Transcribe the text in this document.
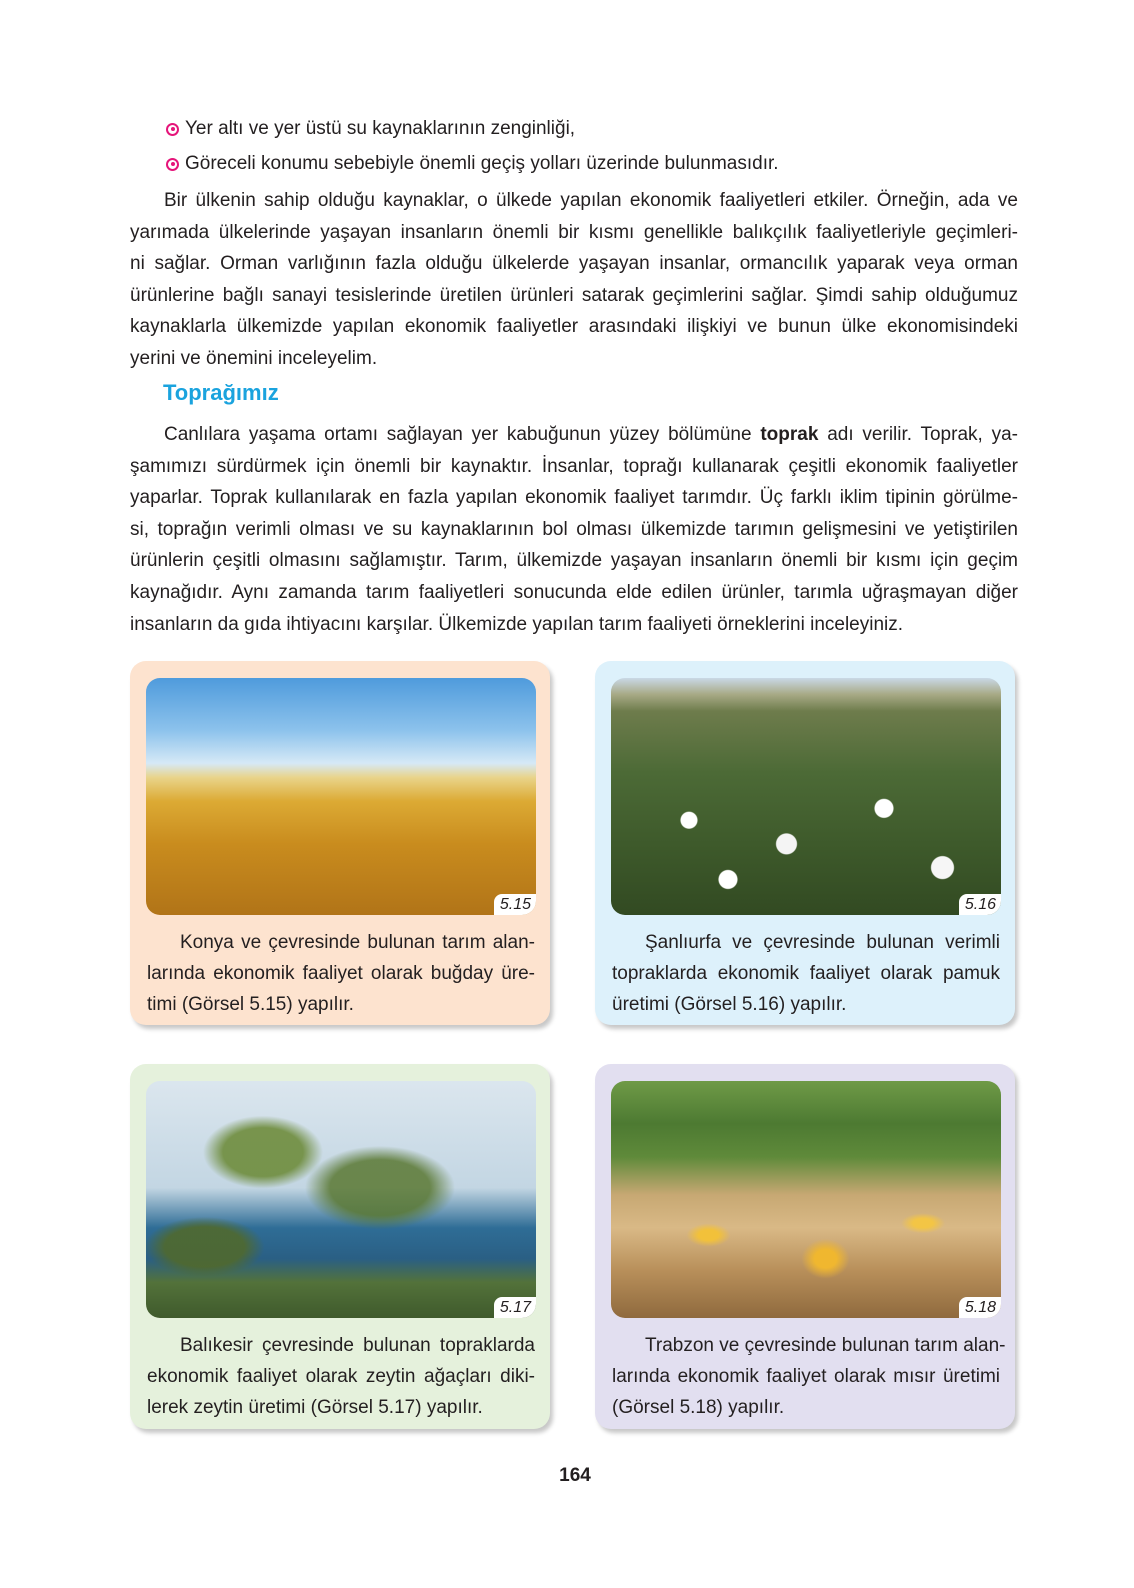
Yer altı ve yer üstü su kaynaklarının zenginliği,
Göreceli konumu sebebiyle önemli geçiş yolları üzerinde bulunmasıdır.
Bir ülkenin sahip olduğu kaynaklar, o ülkede yapılan ekonomik faaliyetleri etkiler. Örneğin, ada ve
yarımada ülkelerinde yaşayan insanların önemli bir kısmı genellikle balıkçılık faaliyetleriyle geçimleri-
ni sağlar. Orman varlığının fazla olduğu ülkelerde yaşayan insanlar, ormancılık yaparak veya orman
ürünlerine bağlı sanayi tesislerinde üretilen ürünleri satarak geçimlerini sağlar. Şimdi sahip olduğumuz
kaynaklarla ülkemizde yapılan ekonomik faaliyetler arasındaki ilişkiyi ve bunun ülke ekonomisindeki
yerini ve önemini inceleyelim.
Toprağımız
Canlılara yaşama ortamı sağlayan yer kabuğunun yüzey bölümüne toprak adı verilir. Toprak, ya-
şamımızı sürdürmek için önemli bir kaynaktır. İnsanlar, toprağı kullanarak çeşitli ekonomik faaliyetler
yaparlar. Toprak kullanılarak en fazla yapılan ekonomik faaliyet tarımdır. Üç farklı iklim tipinin görülme-
si, toprağın verimli olması ve su kaynaklarının bol olması ülkemizde tarımın gelişmesini ve yetiştirilen
ürünlerin çeşitli olmasını sağlamıştır. Tarım, ülkemizde yaşayan insanların önemli bir kısmı için geçim
kaynağıdır. Aynı zamanda tarım faaliyetleri sonucunda elde edilen ürünler, tarımla uğraşmayan diğer
insanların da gıda ihtiyacını karşılar. Ülkemizde yapılan tarım faaliyeti örneklerini inceleyiniz.
5.15
Konya ve çevresinde bulunan tarım alan-
larında ekonomik faaliyet olarak buğday üre-
timi (Görsel 5.15) yapılır.
5.16
Şanlıurfa ve çevresinde bulunan verimli
topraklarda ekonomik faaliyet olarak pamuk
üretimi (Görsel 5.16) yapılır.
5.17
Balıkesir çevresinde bulunan topraklarda
ekonomik faaliyet olarak zeytin ağaçları diki-
lerek zeytin üretimi (Görsel 5.17) yapılır.
5.18
Trabzon ve çevresinde bulunan tarım alan-
larında ekonomik faaliyet olarak mısır üretimi
(Görsel 5.18) yapılır.
164
